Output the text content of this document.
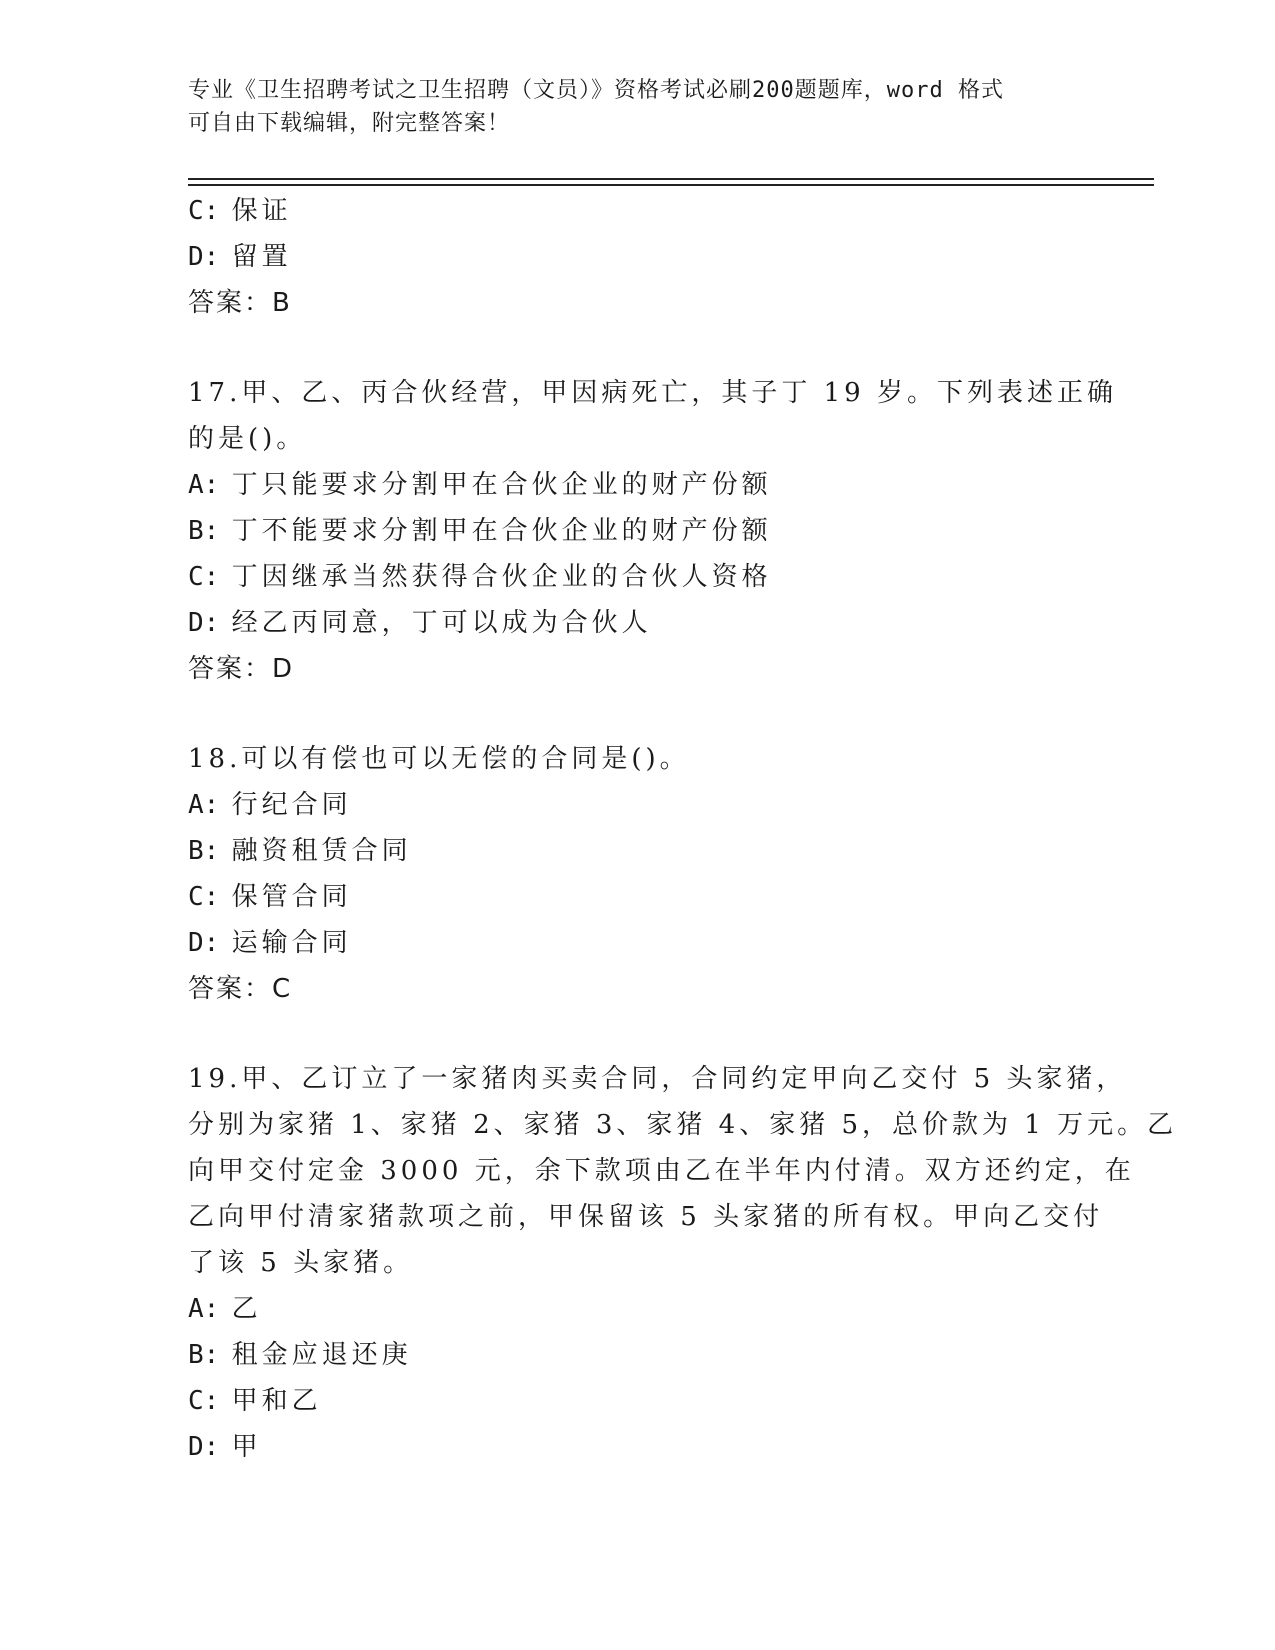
专业《卫生招聘考试之卫生招聘（文员）》资格考试必刷200题题库，word 格式
可自由下载编辑，附完整答案！
C: 保证
D: 留置
答案：B
17.甲、乙、丙合伙经营，甲因病死亡，其子丁 19 岁。下列表述正确
的是()。
A: 丁只能要求分割甲在合伙企业的财产份额
B: 丁不能要求分割甲在合伙企业的财产份额
C: 丁因继承当然获得合伙企业的合伙人资格
D: 经乙丙同意，丁可以成为合伙人
答案：D
18.可以有偿也可以无偿的合同是()。
A: 行纪合同
B: 融资租赁合同
C: 保管合同
D: 运输合同
答案：C
19.甲、乙订立了一家猪肉买卖合同，合同约定甲向乙交付 5 头家猪，
分别为家猪 1、家猪 2、家猪 3、家猪 4、家猪 5，总价款为 1 万元。乙
向甲交付定金 3000 元，余下款项由乙在半年内付清。双方还约定，在
乙向甲付清家猪款项之前，甲保留该 5 头家猪的所有权。甲向乙交付
了该 5 头家猪。
A: 乙
B: 租金应退还庚
C: 甲和乙
D: 甲
